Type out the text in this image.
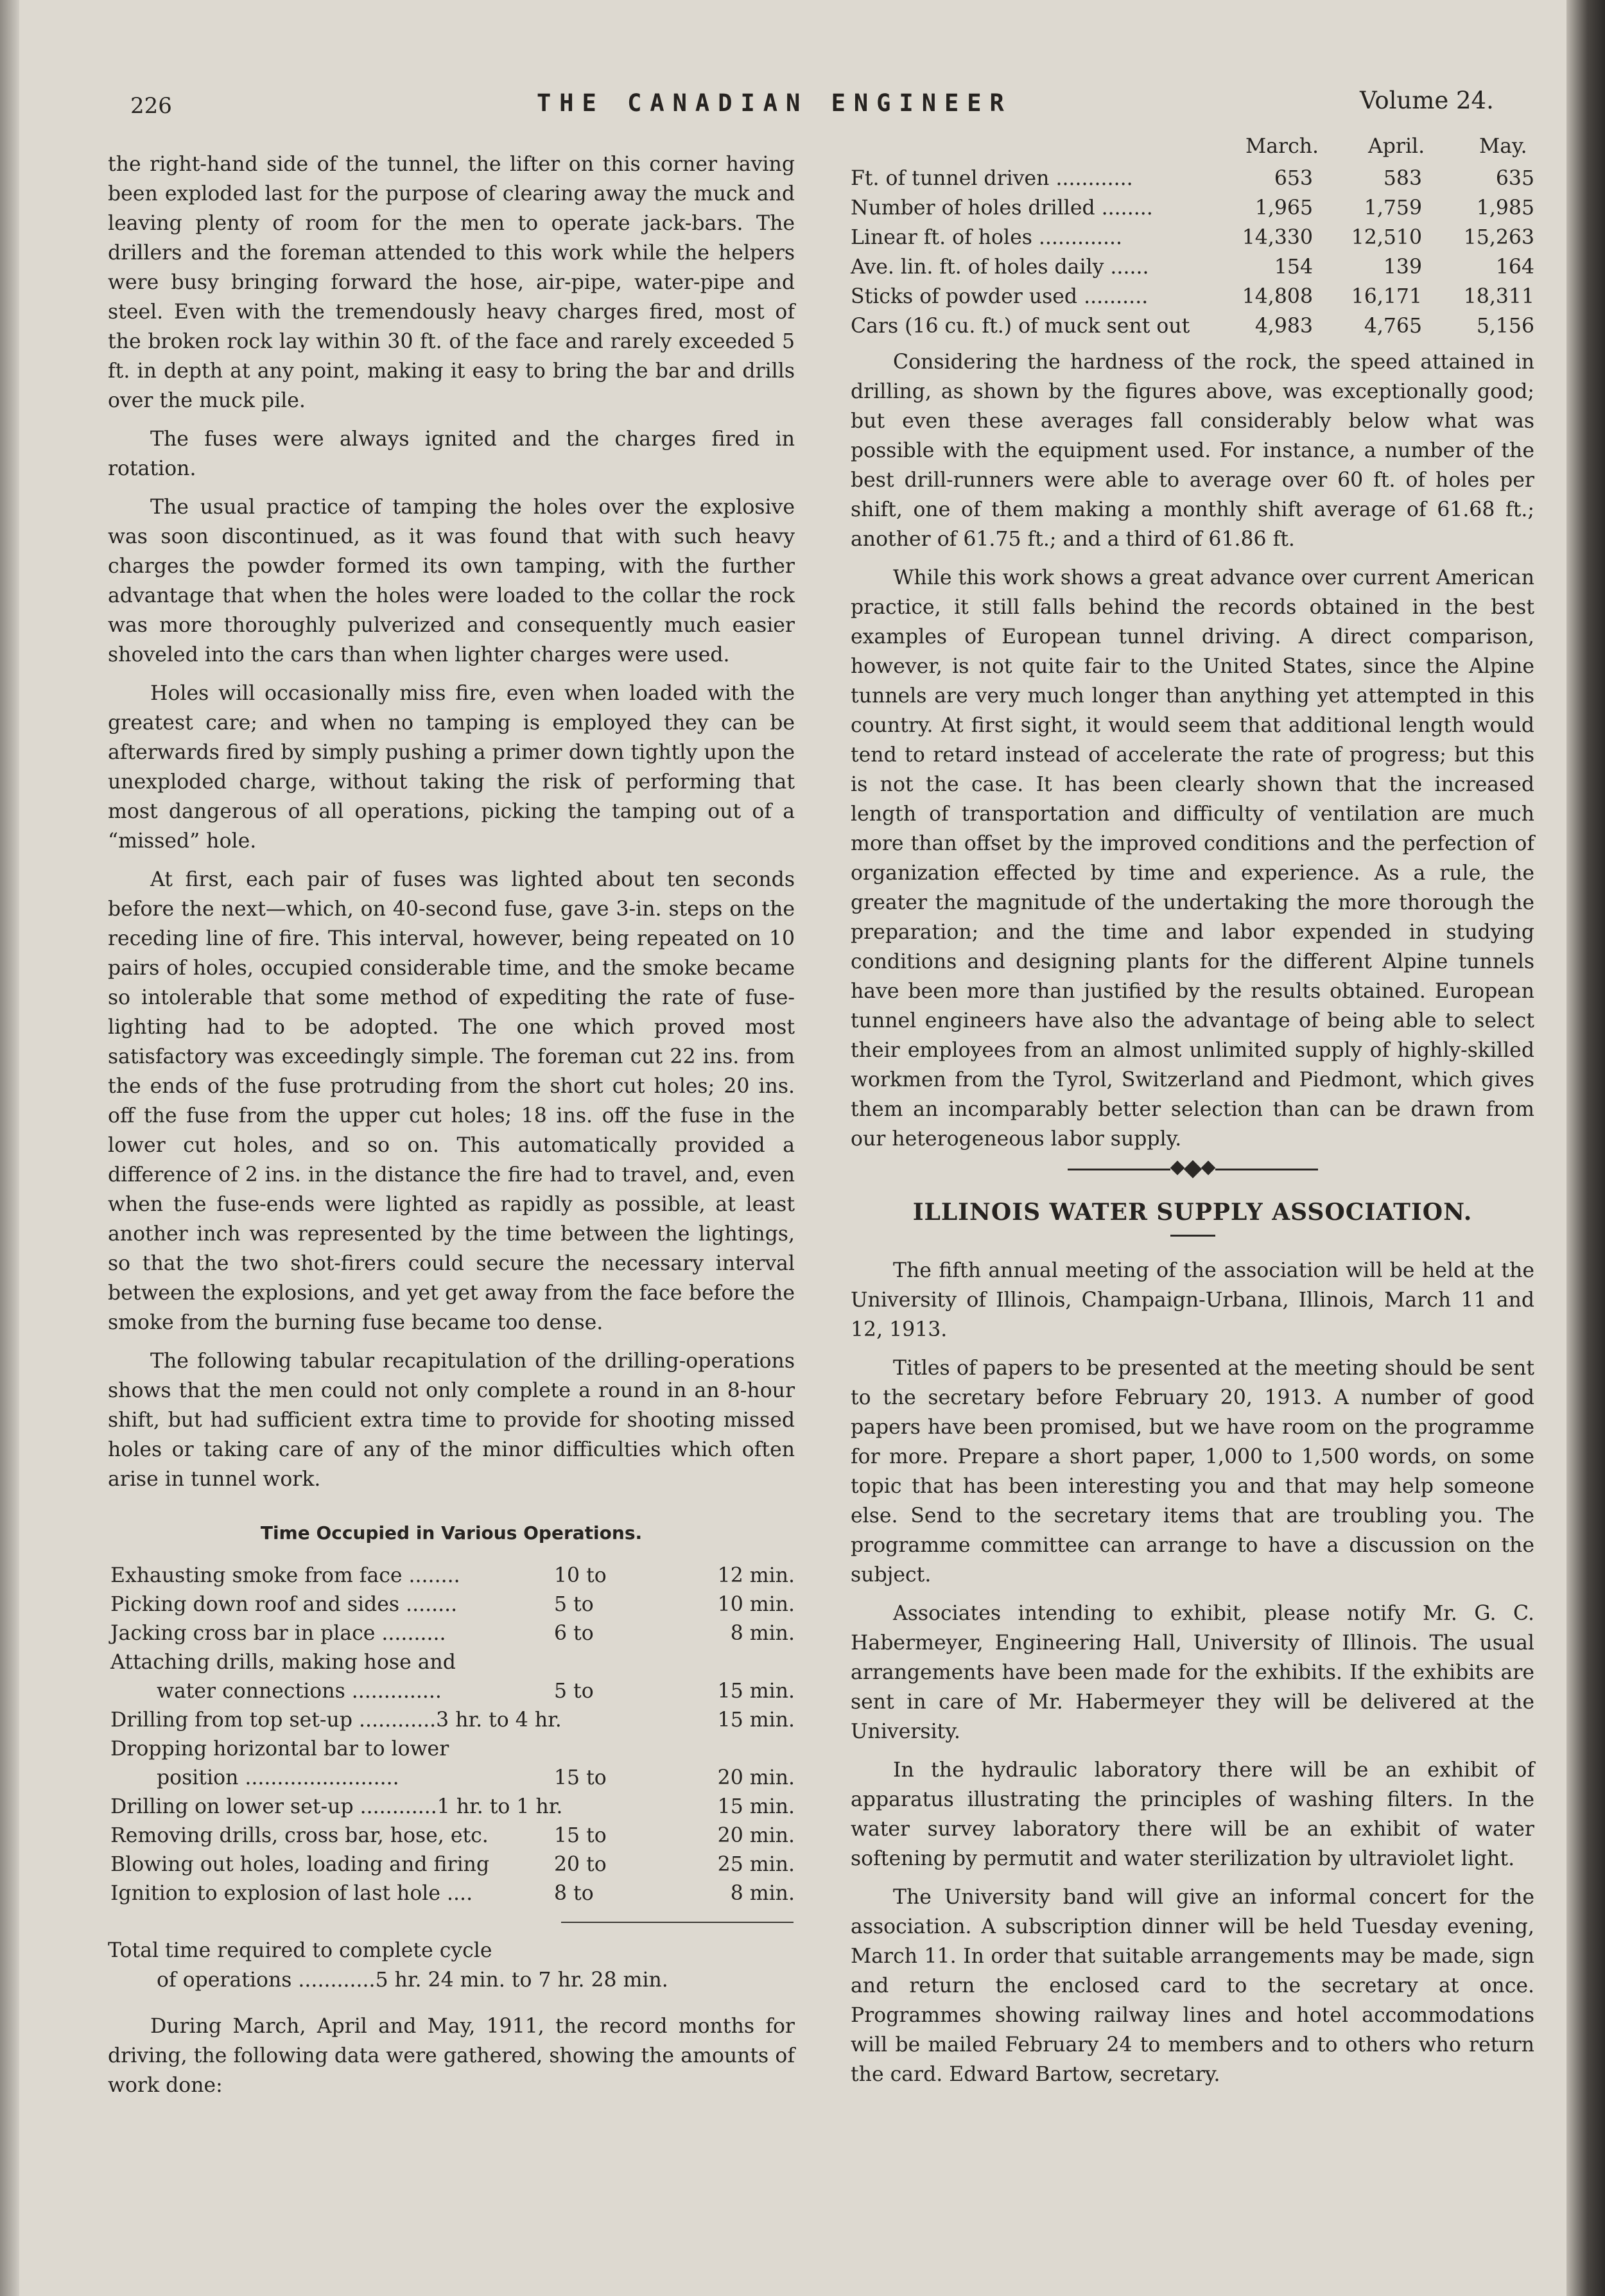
226	THE CANADIAN ENGINEER	Volume 24.

the right-hand side of the tunnel, the lifter on this corner having been exploded last for the purpose of clearing away the muck and leaving plenty of room for the men to operate jack-bars. The drillers and the foreman attended to this work while the helpers were busy bringing forward the hose, air-pipe, water-pipe and steel. Even with the tremendously heavy charges fired, most of the broken rock lay within 30 ft. of the face and rarely exceeded 5 ft. in depth at any point, making it easy to bring the bar and drills over the muck pile.

The fuses were always ignited and the charges fired in rotation.

The usual practice of tamping the holes over the explosive was soon discontinued, as it was found that with such heavy charges the powder formed its own tamping, with the further advantage that when the holes were loaded to the collar the rock was more thoroughly pulverized and consequently much easier shoveled into the cars than when lighter charges were used.

Holes will occasionally miss fire, even when loaded with the greatest care; and when no tamping is employed they can be afterwards fired by simply pushing a primer down tightly upon the unexploded charge, without taking the risk of performing that most dangerous of all operations, picking the tamping out of a “missed” hole.

At first, each pair of fuses was lighted about ten seconds before the next—which, on 40-second fuse, gave 3-in. steps on the receding line of fire. This interval, however, being repeated on 10 pairs of holes, occupied considerable time, and the smoke became so intolerable that some method of expediting the rate of fuse-lighting had to be adopted. The one which proved most satisfactory was exceedingly simple. The foreman cut 22 ins. from the ends of the fuse protruding from the short cut holes; 20 ins. off the fuse from the upper cut holes; 18 ins. off the fuse in the lower cut holes, and so on. This automatically provided a difference of 2 ins. in the distance the fire had to travel, and, even when the fuse-ends were lighted as rapidly as possible, at least another inch was represented by the time between the lightings, so that the two shot-firers could secure the necessary interval between the explosions, and yet get away from the face before the smoke from the burning fuse became too dense.

The following tabular recapitulation of the drilling-operations shows that the men could not only complete a round in an 8-hour shift, but had sufficient extra time to provide for shooting missed holes or taking care of any of the minor difficulties which often arise in tunnel work.

Time Occupied in Various Operations.
Exhausting smoke from face ........	10 to	12 min.
Picking down roof and sides ........	5 to	10 min.
Jacking cross bar in place ..........	6 to	8 min.
Attaching drills, making hose and
water connections ..............	5 to	15 min.
Drilling from top set-up ............3 hr. to 4 hr.	15 min.
Dropping horizontal bar to lower
position ........................	15 to	20 min.
Drilling on lower set-up ............1 hr. to 1 hr.	15 min.
Removing drills, cross bar, hose, etc.	15 to	20 min.
Blowing out holes, loading and firing	20 to	25 min.
Ignition to explosion of last hole ....	8 to	8 min.
Total time required to complete cycle
of operations ............5 hr. 24 min. to 7 hr. 28 min.

During March, April and May, 1911, the record months for driving, the following data were gathered, showing the amounts of work done:

March. April.	May.
Ft. of tunnel driven ............	653	583	635
Number of holes drilled ........	1,965	1,759	1,985
Linear ft. of holes .............	14,330 12,510 15,263
Ave. lin. ft. of holes daily ......	154	139	164
Sticks of powder used ..........	14,808 16,171 18,311
Cars (16 cu. ft.) of muck sent out	4,983	4,765	5,156

Considering the hardness of the rock, the speed attained in drilling, as shown by the figures above, was exceptionally good; but even these averages fall considerably below what was possible with the equipment used. For instance, a number of the best drill-runners were able to average over 60 ft. of holes per shift, one of them making a monthly shift average of 61.68 ft.; another of 61.75 ft.; and a third of 61.86 ft.

While this work shows a great advance over current American practice, it still falls behind the records obtained in the best examples of European tunnel driving. A direct comparison, however, is not quite fair to the United States, since the Alpine tunnels are very much longer than anything yet attempted in this country. At first sight, it would seem that additional length would tend to retard instead of accelerate the rate of progress; but this is not the case. It has been clearly shown that the increased length of transportation and difficulty of ventilation are much more than offset by the improved conditions and the perfection of organization effected by time and experience. As a rule, the greater the magnitude of the undertaking the more thorough the preparation; and the time and labor expended in studying conditions and designing plants for the different Alpine tunnels have been more than justified by the results obtained. European tunnel engineers have also the advantage of being able to select their employees from an almost unlimited supply of highly-skilled workmen from the Tyrol, Switzerland and Piedmont, which gives them an incomparably better selection than can be drawn from our heterogeneous labor supply.

ILLINOIS WATER SUPPLY ASSOCIATION.

The fifth annual meeting of the association will be held at the University of Illinois, Champaign-Urbana, Illinois, March 11 and 12, 1913.

Titles of papers to be presented at the meeting should be sent to the secretary before February 20, 1913. A number of good papers have been promised, but we have room on the programme for more. Prepare a short paper, 1,000 to 1,500 words, on some topic that has been interesting you and that may help someone else. Send to the secretary items that are troubling you. The programme committee can arrange to have a discussion on the subject.

Associates intending to exhibit, please notify Mr. G. C. Habermeyer, Engineering Hall, University of Illinois. The usual arrangements have been made for the exhibits. If the exhibits are sent in care of Mr. Habermeyer they will be delivered at the University.

In the hydraulic laboratory there will be an exhibit of apparatus illustrating the principles of washing filters. In the water survey laboratory there will be an exhibit of water softening by permutit and water sterilization by ultraviolet light.

The University band will give an informal concert for the association. A subscription dinner will be held Tuesday evening, March 11. In order that suitable arrangements may be made, sign and return the enclosed card to the secretary at once. Programmes showing railway lines and hotel accommodations will be mailed February 24 to members and to others who return the card. Edward Bartow, secretary.
